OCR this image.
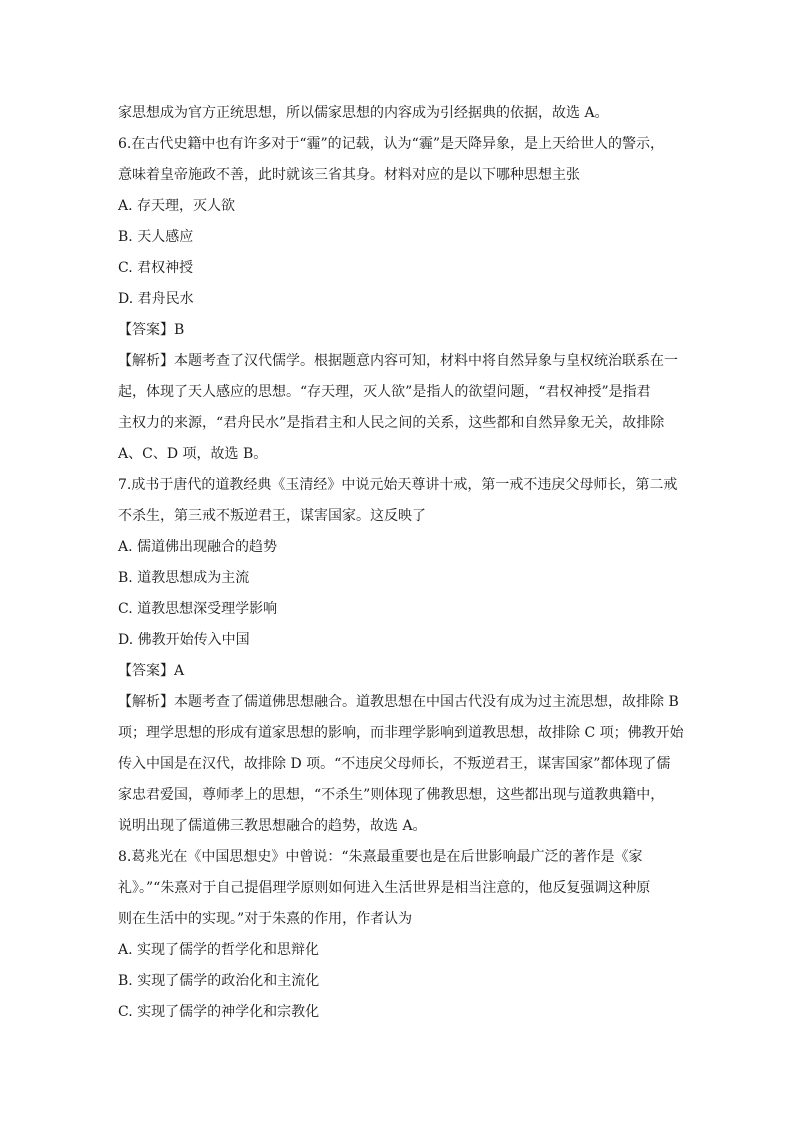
家思想成为官方正统思想，所以儒家思想的内容成为引经据典的依据，故选 A。
6.在古代史籍中也有许多对于“霾”的记载，认为“霾”是天降异象，是上天给世人的警示，
意味着皇帝施政不善，此时就该三省其身。材料对应的是以下哪种思想主张
A. 存天理，灭人欲
B. 天人感应
C. 君权神授
D. 君舟民水
【答案】B
【解析】本题考查了汉代儒学。根据题意内容可知，材料中将自然异象与皇权统治联系在一
起，体现了天人感应的思想。“存天理，灭人欲”是指人的欲望问题，“君权神授”是指君
主权力的来源，“君舟民水”是指君主和人民之间的关系，这些都和自然异象无关，故排除
A、C、D 项，故选 B。
7.成书于唐代的道教经典《玉清经》中说元始天尊讲十戒，第一戒不违戾父母师长，第二戒
不杀生，第三戒不叛逆君王，谋害国家。这反映了
A. 儒道佛出现融合的趋势
B. 道教思想成为主流
C. 道教思想深受理学影响
D. 佛教开始传入中国
【答案】A
【解析】本题考查了儒道佛思想融合。道教思想在中国古代没有成为过主流思想，故排除 B
项；理学思想的形成有道家思想的影响，而非理学影响到道教思想，故排除 C 项；佛教开始
传入中国是在汉代，故排除 D 项。“不违戾父母师长，不叛逆君王，谋害国家”都体现了儒
家忠君爱国，尊师孝上的思想，“不杀生”则体现了佛教思想，这些都出现与道教典籍中，
说明出现了儒道佛三教思想融合的趋势，故选 A。
8.葛兆光在《中国思想史》中曾说：“朱熹最重要也是在后世影响最广泛的著作是《家
礼》。”“朱熹对于自己提倡理学原则如何进入生活世界是相当注意的，他反复强调这种原
则在生活中的实现。”对于朱熹的作用，作者认为
A. 实现了儒学的哲学化和思辩化
B. 实现了儒学的政治化和主流化
C. 实现了儒学的神学化和宗教化
